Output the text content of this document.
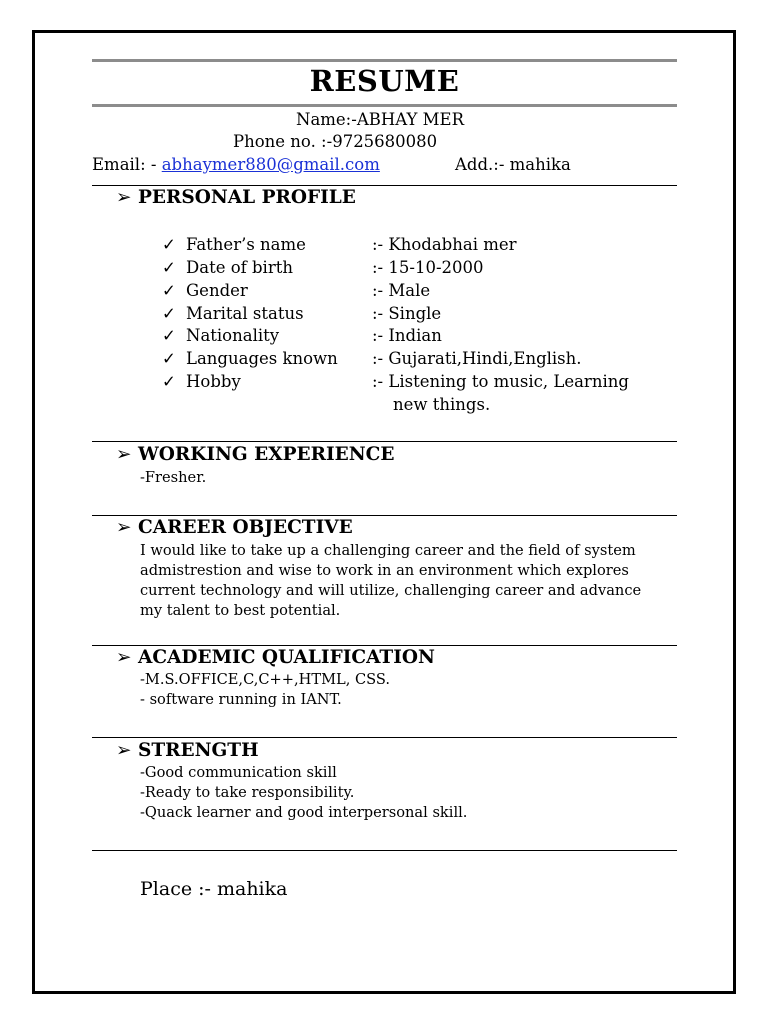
RESUME
Name:-ABHAY MER
Phone no. :-9725680080
Email: - abhaymer880@gmail.com	Add.:- mahika
➢ PERSONAL PROFILE
✓ Father’s name	:- Khodabhai mer
✓ Date of birth	:- 15-10-2000
✓ Gender	:- Male
✓ Marital status	:- Single
✓ Nationality	:- Indian
✓ Languages known :- Gujarati,Hindi,English.
✓ Hobby	:- Listening to music, Learning
new things.
➢ WORKING EXPERIENCE
-Fresher.
➢ CAREER OBJECTIVE
I would like to take up a challenging career and the field of system
admistrestion and wise to work in an environment which explores
current technology and will utilize, challenging career and advance
my talent to best potential.
➢ ACADEMIC QUALIFICATION
-M.S.OFFICE,C,C++,HTML, CSS.
- software running in IANT.
➢ STRENGTH
-Good communication skill
-Ready to take responsibility.
-Quack learner and good interpersonal skill.
Place :- mahika
